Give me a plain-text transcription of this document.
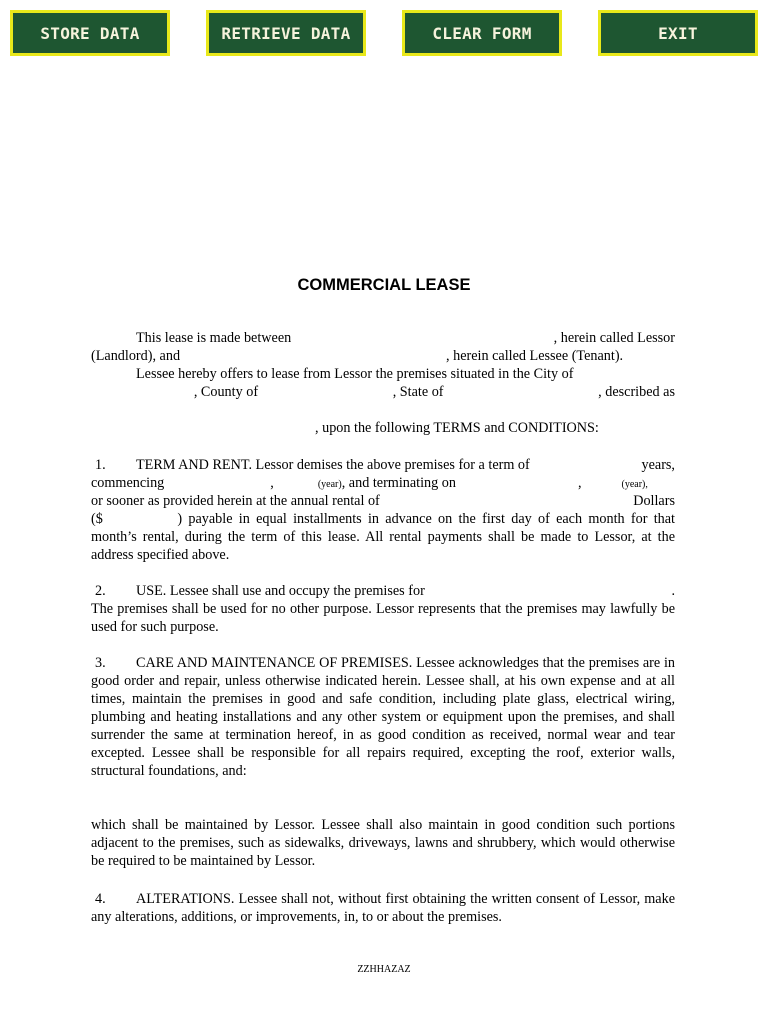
STORE DATA	RETRIEVE DATA	CLEAR FORM	EXIT
COMMERCIAL LEASE
This lease is made between	, herein called Lessor
(Landlord), and	, herein called Lessee (Tenant).
Lessee hereby offers to lease from Lessor the premises situated in the City of
, County of	, State of	, described as
, upon the following TERMS and CONDITIONS:
1. TERM AND RENT. Lessor demises the above premises for a term of	years,
commencing	,	(year) , and terminating on	,	(year),
or sooner as provided herein at the annual rental of	Dollars

($	) payable in equal installments in advance on the first day of each month for that month’s rental, during the term of this lease. All rental payments shall be made to Lessor, at the address specified above.

2. USE. Lessee shall use and occupy the premises for	.

The premises shall be used for no other purpose. Lessor represents that the premises may lawfully be used for such purpose.

3. CARE AND MAINTENANCE OF PREMISES. Lessee acknowledges that the premises are in good order and repair, unless otherwise indicated herein. Lessee shall, at his own expense and at all times, maintain the premises in good and safe condition, including plate glass, electrical wiring, plumbing and heating installations and any other system or equipment upon the premises, and shall surrender the same at termination hereof, in as good condition as received, normal wear and tear excepted. Lessee shall be responsible for all repairs required, excepting the roof, exterior walls, structural foundations, and:

which shall be maintained by Lessor. Lessee shall also maintain in good condition such portions adjacent to the premises, such as sidewalks, driveways, lawns and shrubbery, which would otherwise be required to be maintained by Lessor.

4. ALTERATIONS. Lessee shall not, without first obtaining the written consent of Lessor, make any alterations, additions, or improvements, in, to or about the premises.

ZZHHAZAZ
